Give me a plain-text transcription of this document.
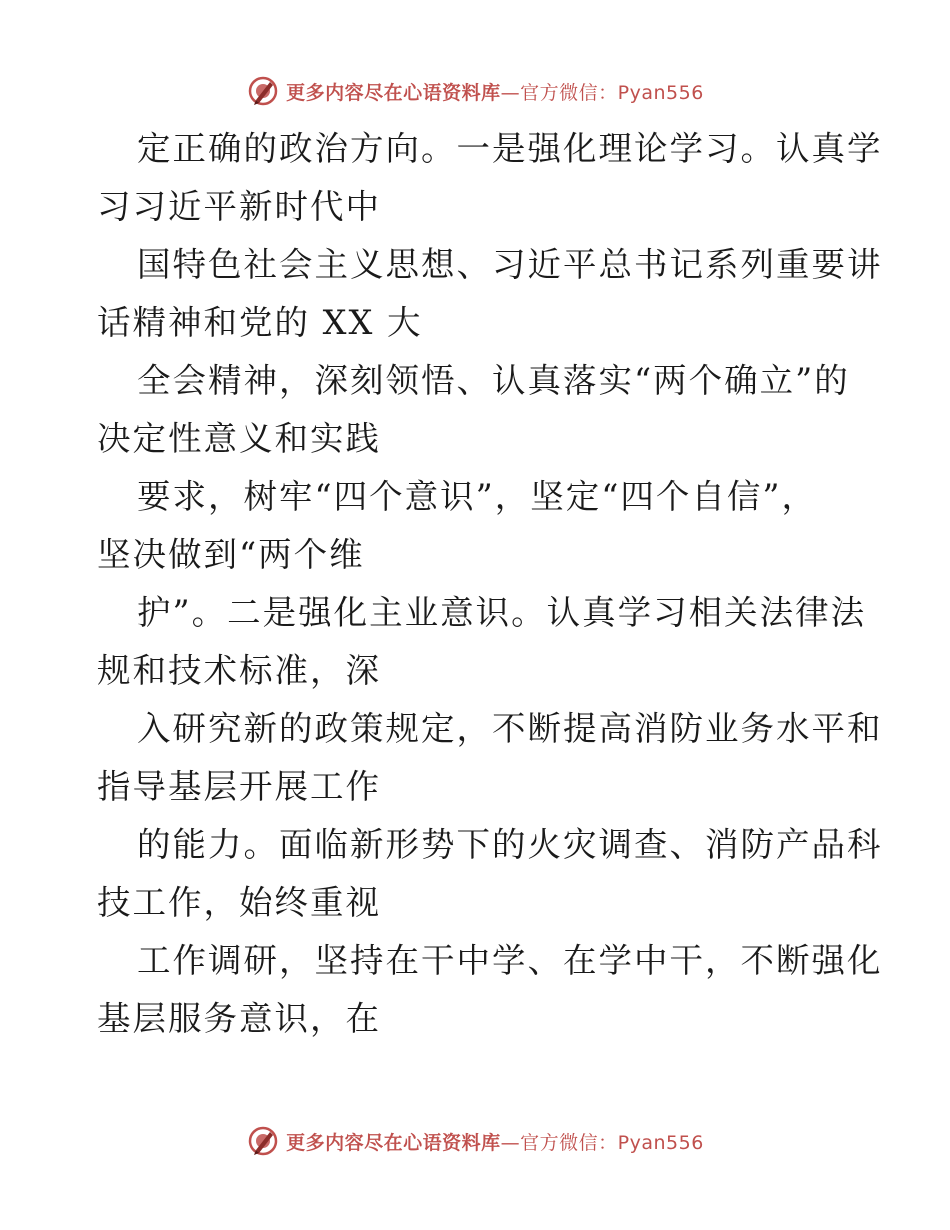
更多内容尽在心语资料库—官方微信：Pyan556
定正确的政治方向。一是强化理论学习。认真学
习习近平新时代中
国特色社会主义思想、习近平总书记系列重要讲
话精神和党的 XX 大
全会精神，深刻领悟、认真落实“两个确立”的
决定性意义和实践
要求，树牢“四个意识”，坚定“四个自信”，
坚决做到“两个维
护”。二是强化主业意识。认真学习相关法律法
规和技术标准，深
入研究新的政策规定，不断提高消防业务水平和
指导基层开展工作
的能力。面临新形势下的火灾调查、消防产品科
技工作，始终重视
工作调研，坚持在干中学、在学中干，不断强化
基层服务意识，在
更多内容尽在心语资料库—官方微信：Pyan556
